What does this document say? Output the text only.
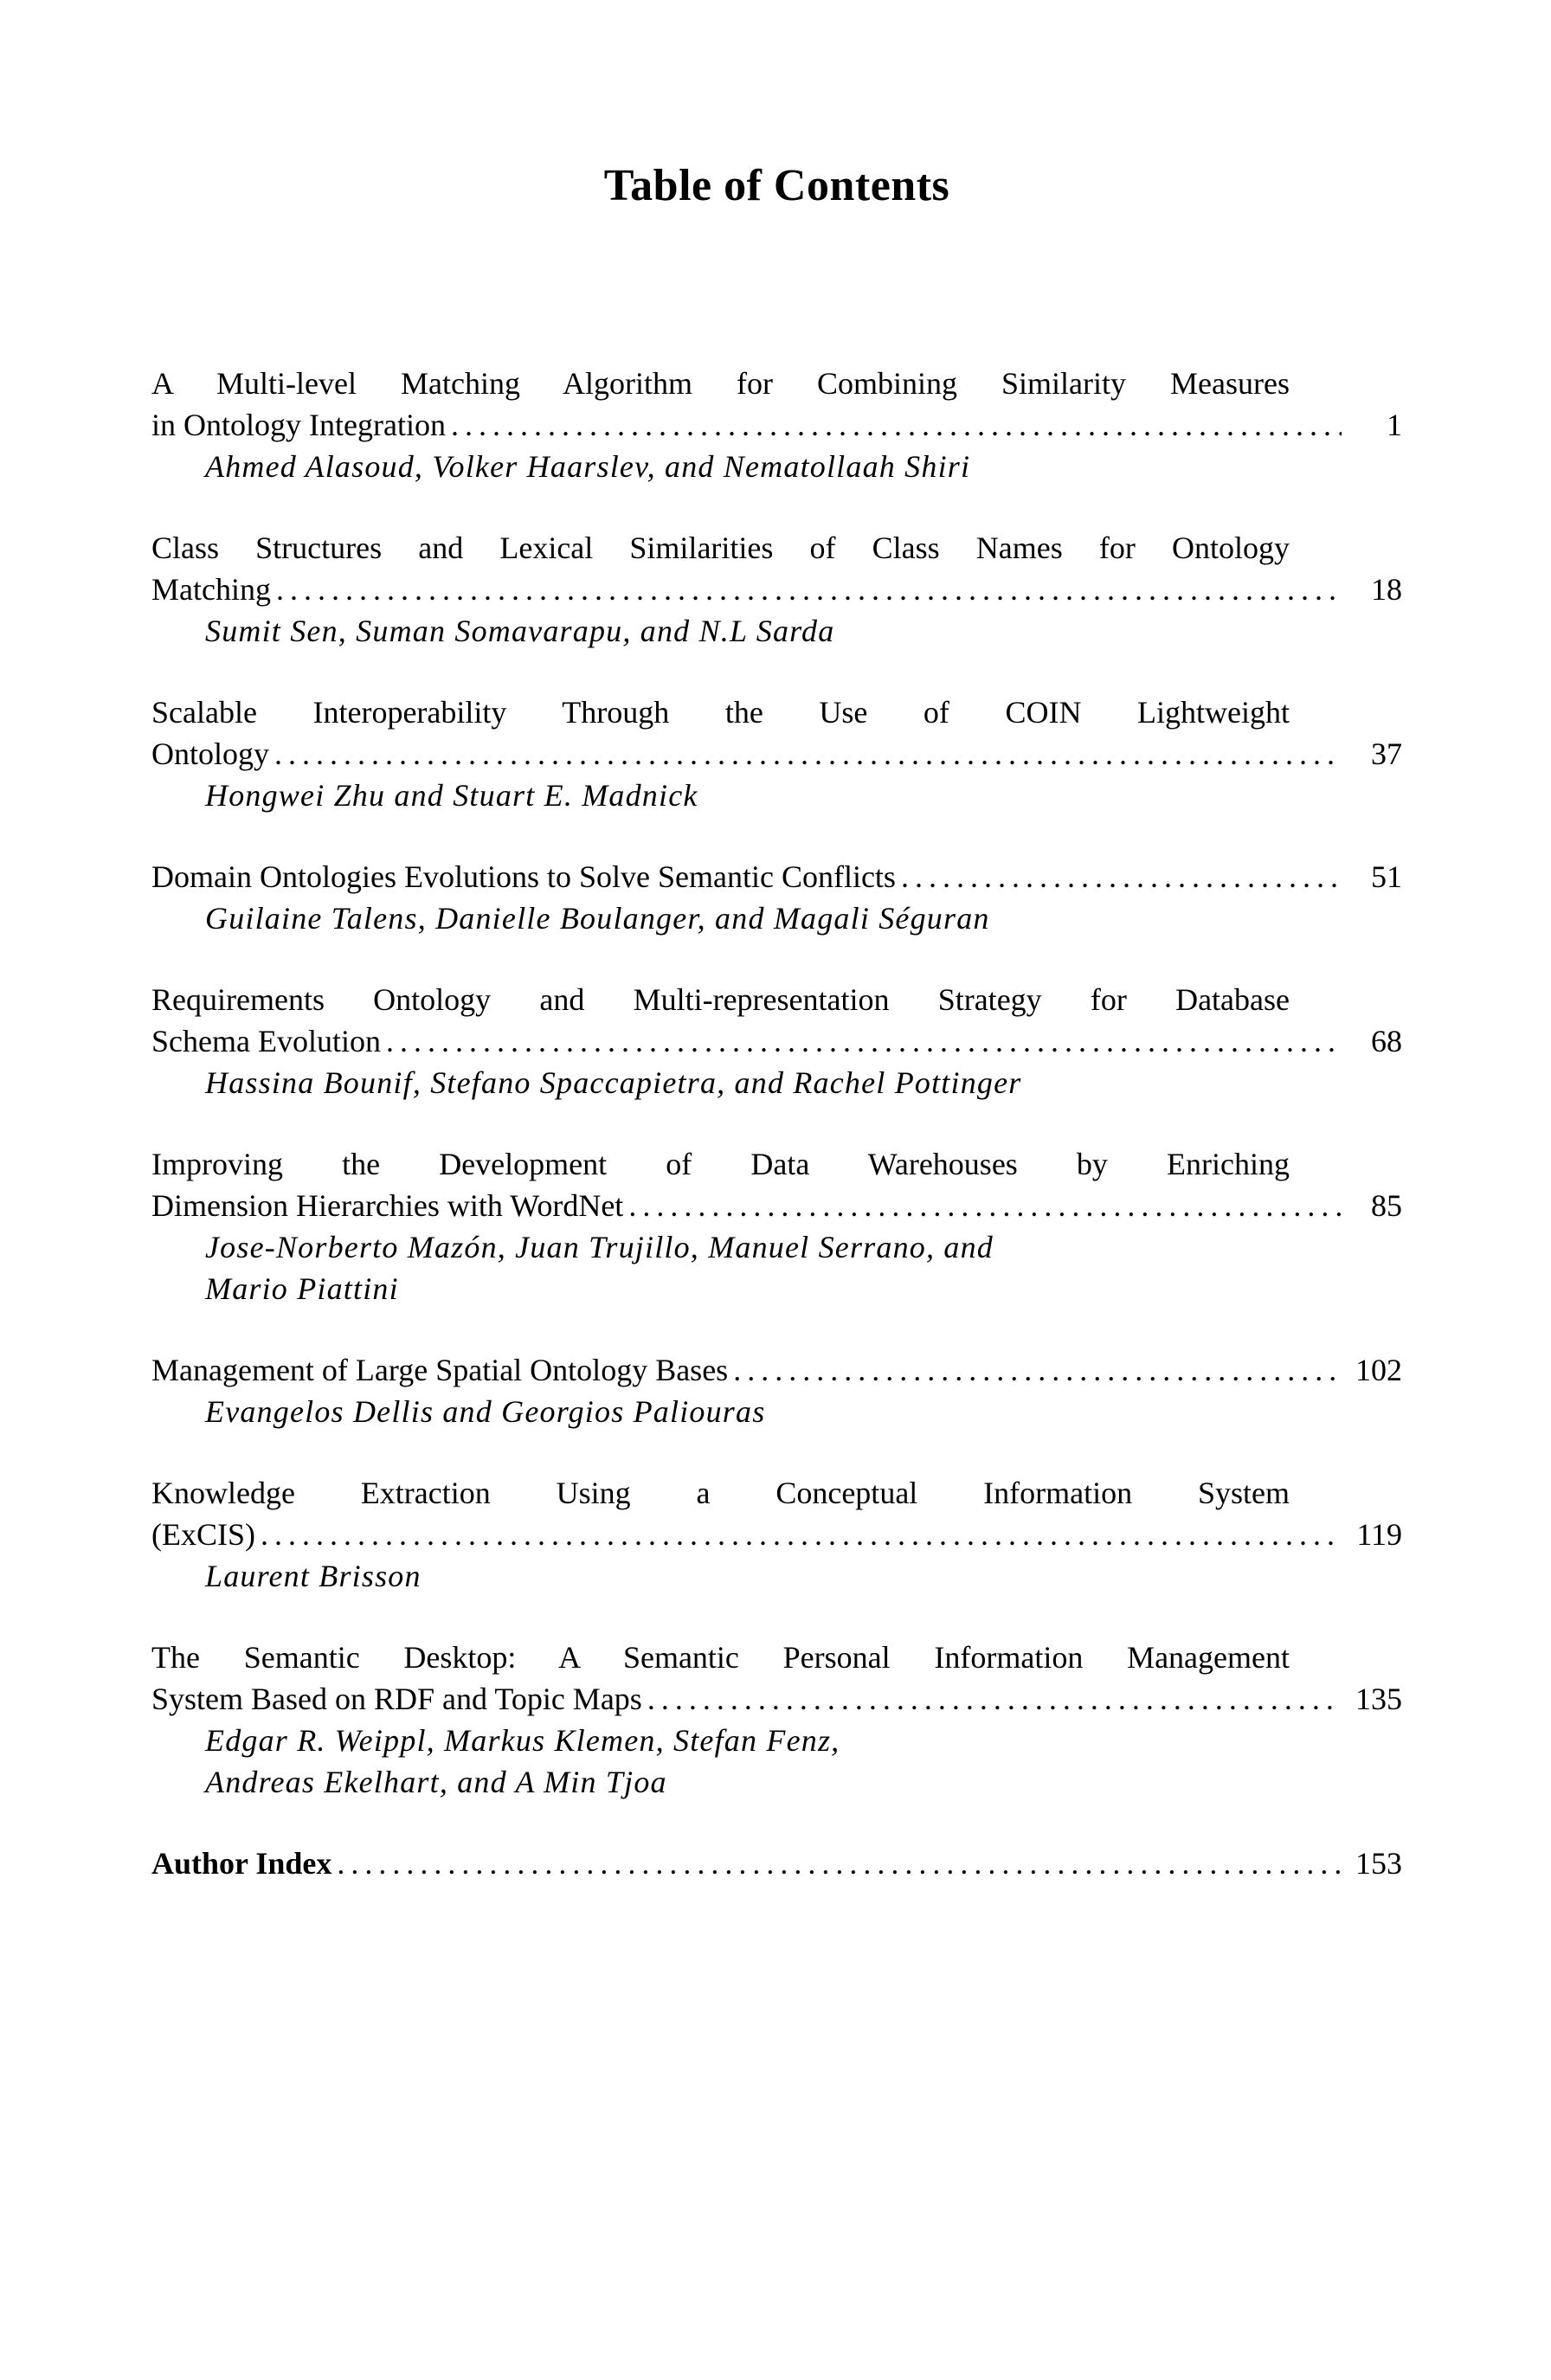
Table of Contents
A Multi-level Matching Algorithm for Combining Similarity Measures
in Ontology Integration .....	1
Ahmed Alasoud, Volker Haarslev, and Nematollaah Shiri
Class Structures and Lexical Similarities of Class Names for Ontology
Matching .....	18
Sumit Sen, Suman Somavarapu, and N.L Sarda
Scalable Interoperability Through the Use of COIN Lightweight
Ontology .....	37
Hongwei Zhu and Stuart E. Madnick
Domain Ontologies Evolutions to Solve Semantic Conflicts .....	51
Guilaine Talens, Danielle Boulanger, and Magali Séguran
Requirements Ontology and Multi-representation Strategy for Database
Schema Evolution .....	68
Hassina Bounif, Stefano Spaccapietra, and Rachel Pottinger
Improving the Development of Data Warehouses by Enriching
Dimension Hierarchies with WordNet .....	85
Jose-Norberto Mazón, Juan Trujillo, Manuel Serrano, and
Mario Piattini
Management of Large Spatial Ontology Bases .....	102
Evangelos Dellis and Georgios Paliouras
Knowledge Extraction Using a Conceptual Information System
(ExCIS) .....	119
Laurent Brisson
The Semantic Desktop: A Semantic Personal Information Management
System Based on RDF and Topic Maps .....	135
Edgar R. Weippl, Markus Klemen, Stefan Fenz,
Andreas Ekelhart, and A Min Tjoa
Author Index .....	153
